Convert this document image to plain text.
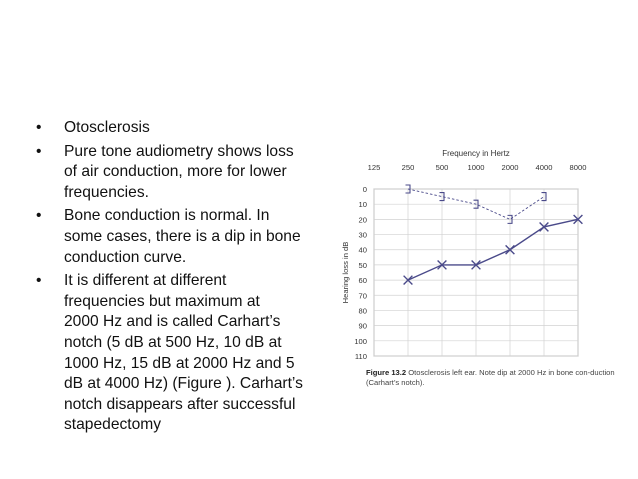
• Otosclerosis
• Pure tone audiometry shows loss
of air conduction, more for lower
frequencies.
• Bone conduction is normal. In
some cases, there is a dip in bone
conduction curve.
• It is different at different
frequencies but maximum at
2000 Hz and is called Carhart’s
notch (5 dB at 500 Hz, 10 dB at
1000 Hz, 15 dB at 2000 Hz and 5
dB at 4000 Hz) (Figure ). Carhart’s
notch disappears after successful
stapedectomy
0
10
20
30
40
50
60
70
80
90
100
110
125	250	500	1000 2000 4000 8000
Frequency in Hertz
Hearing loss in dB
Figure 13.2 Otosclerosis left ear. Note dip at 2000 Hz in bone con-duction (Carhart’s notch).
